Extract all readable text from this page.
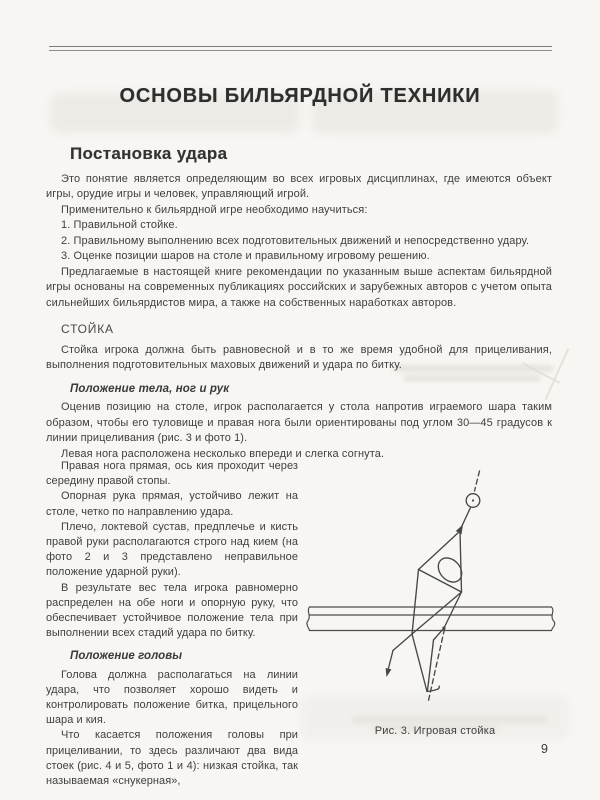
ОСНОВЫ БИЛЬЯРДНОЙ ТЕХНИКИ
Постановка удара

Это понятие является определяющим во всех игровых дисциплинах, где имеются объект игры, орудие игры и человек, управляющий игрой.

Применительно к бильярдной игре необходимо научиться:

1. Правильной стойке.

2. Правильному выполнению всех подготовительных движений и непосредственно удару.

3. Оценке позиции шаров на столе и правильному игровому решению.

Предлагаемые в настоящей книге рекомендации по указанным выше аспектам бильярдной игры основаны на современных публикациях российских и зарубежных авторов с учетом опыта сильнейших бильярдистов мира, а также на собственных наработках авторов.

СТОЙКА

Стойка игрока должна быть равновесной и в то же время удобной для прицеливания, выполнения подготовительных маховых движений и удара по битку.

Положение тела, ног и рук

Оценив позицию на столе, игрок располагается у стола напротив играемого шара таким образом, чтобы его туловище и правая нога были ориентированы под углом 30—45 градусов к линии прицеливания (рис. 3 и фото 1).

Левая нога расположена несколько впереди и слегка согнута.

Правая нога прямая, ось кия проходит через середину правой стопы.

Опорная рука прямая, устойчиво лежит на столе, четко по направлению удара.

Плечо, локтевой сустав, предплечье и кисть правой руки располагаются строго над кием (на фото 2 и 3 представлено неправильное положение ударной руки).

В результате вес тела игрока равномерно распределен на обе ноги и опорную руку, что обеспечивает устойчивое положение тела при выполнении всех стадий удара по битку.

Положение головы

Голова должна располагаться на линии удара, что позволяет хорошо видеть и контролировать положение битка, прицельного шара и кия.

Что касается положения головы при прицеливании, то здесь различают два вида стоек (рис. 4 и 5, фото 1 и 4): низкая стойка, так называемая «снукерная»,

Рис. 3. Игровая стойка
9
